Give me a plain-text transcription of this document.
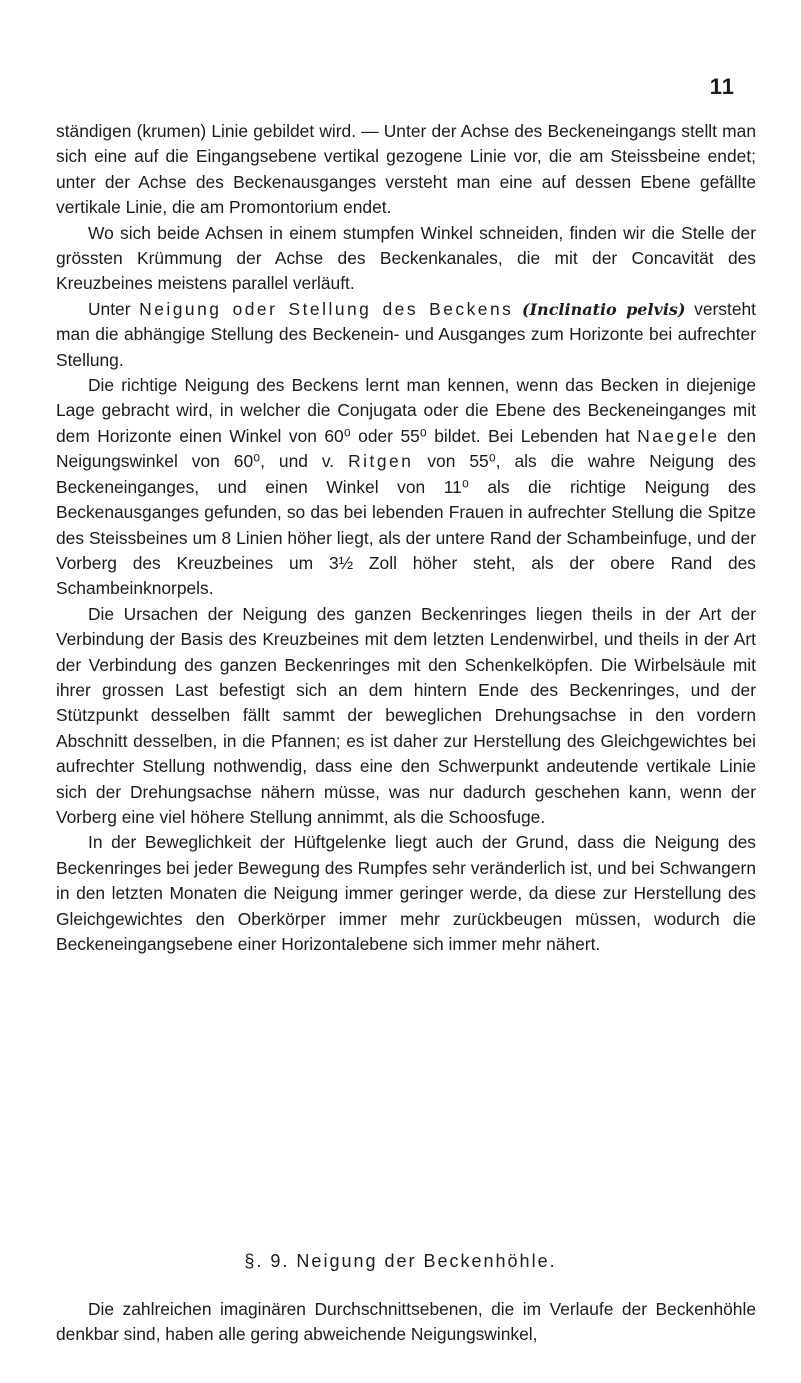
11

ständigen (krumen) Linie gebildet wird. — Unter der Achse des Beckeneingangs stellt man sich eine auf die Eingangsebene vertikal gezogene Linie vor, die am Steissbeine endet; unter der Achse des Beckenausganges versteht man eine auf dessen Ebene gefällte vertikale Linie, die am Promontorium endet.

Wo sich beide Achsen in einem stumpfen Winkel schneiden, finden wir die Stelle der grössten Krümmung der Achse des Beckenkanales, die mit der Concavität des Kreuzbeines meistens parallel verläuft.

Unter Neigung oder Stellung des Beckens (Inclinatio pelvis) versteht man die abhängige Stellung des Beckenein- und Ausganges zum Horizonte bei aufrechter Stellung.

Die richtige Neigung des Beckens lernt man kennen, wenn das Becken in diejenige Lage gebracht wird, in welcher die Conjugata oder die Ebene des Beckeneinganges mit dem Horizonte einen Winkel von 60⁰ oder 55⁰ bildet. Bei Lebenden hat Naegele den Neigungswinkel von 60⁰, und v. Ritgen von 55⁰, als die wahre Neigung des Beckeneinganges, und einen Winkel von 11⁰ als die richtige Neigung des Beckenausganges gefunden, so das bei lebenden Frauen in aufrechter Stellung die Spitze des Steissbeines um 8 Linien höher liegt, als der untere Rand der Schambeinfuge, und der Vorberg des Kreuzbeines um 3½ Zoll höher steht, als der obere Rand des Schambeinknorpels.

Die Ursachen der Neigung des ganzen Beckenringes liegen theils in der Art der Verbindung der Basis des Kreuzbeines mit dem letzten Lendenwirbel, und theils in der Art der Verbindung des ganzen Beckenringes mit den Schenkelköpfen. Die Wirbelsäule mit ihrer grossen Last befestigt sich an dem hintern Ende des Beckenringes, und der Stützpunkt desselben fällt sammt der beweglichen Drehungsachse in den vordern Abschnitt desselben, in die Pfannen; es ist daher zur Herstellung des Gleichgewichtes bei aufrechter Stellung nothwendig, dass eine den Schwerpunkt andeutende vertikale Linie sich der Drehungsachse nähern müsse, was nur dadurch geschehen kann, wenn der Vorberg eine viel höhere Stellung annimmt, als die Schoosfuge.

In der Beweglichkeit der Hüftgelenke liegt auch der Grund, dass die Neigung des Beckenringes bei jeder Bewegung des Rumpfes sehr veränderlich ist, und bei Schwangern in den letzten Monaten die Neigung immer geringer werde, da diese zur Herstellung des Gleichgewichtes den Oberkörper immer mehr zurückbeugen müssen, wodurch die Beckeneingangsebene einer Horizontalebene sich immer mehr nähert.

§. 9. Neigung der Beckenhöhle.

Die zahlreichen imaginären Durchschnittsebenen, die im Verlaufe der Beckenhöhle denkbar sind, haben alle gering abweichende Neigungswinkel,
